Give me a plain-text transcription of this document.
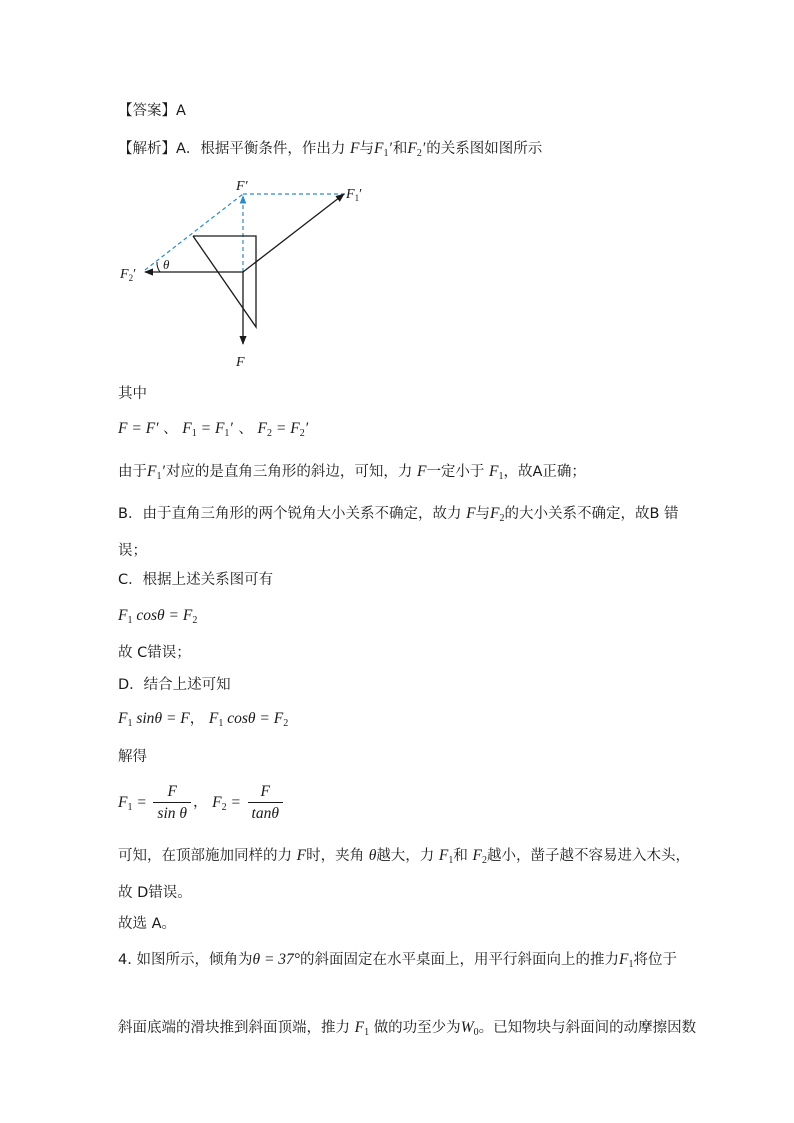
【答案】A
【解析】A．根据平衡条件，作出力 F与$F_1'$和$F_2'$的关系图如图所示
F′
$F_1'$
$F_2'$
θ
F
其中
F = F′ 、 $F_1 = F_1'$ 、 $F_2 = F_2'$
由于$F_1'$对应的是直角三角形的斜边，可知，力 F一定小于 $F_1$，故A正确；
B．由于直角三角形的两个锐角大小关系不确定，故力 F与$F_2$的大小关系不确定，故B 错
误；
C．根据上述关系图可有
$F_1$ $\cos\theta = F_2$
故 C错误；
D．结合上述可知
$F_1$ sinθ = F， $F_1$ $\cos\theta = F_2$
解得
$F_1 = \frac{F}{\text{sin θ}}$ ， $F_2 = \frac{F}{\tan\theta}$
可知，在顶部施加同样的力 F时，夹角 θ越大，力 $F_1$和 $F_2$越小，凿子越不容易进入木头，
故 D错误。
故选 A。
4. 如图所示，倾角为θ = 37°的斜面固定在水平桌面上，用平行斜面向上的推力$F_1$将位于
斜面底端的滑块推到斜面顶端，推力 $F_1$ 做的功至少为$W_0$。已知物块与斜面间的动摩擦因数
